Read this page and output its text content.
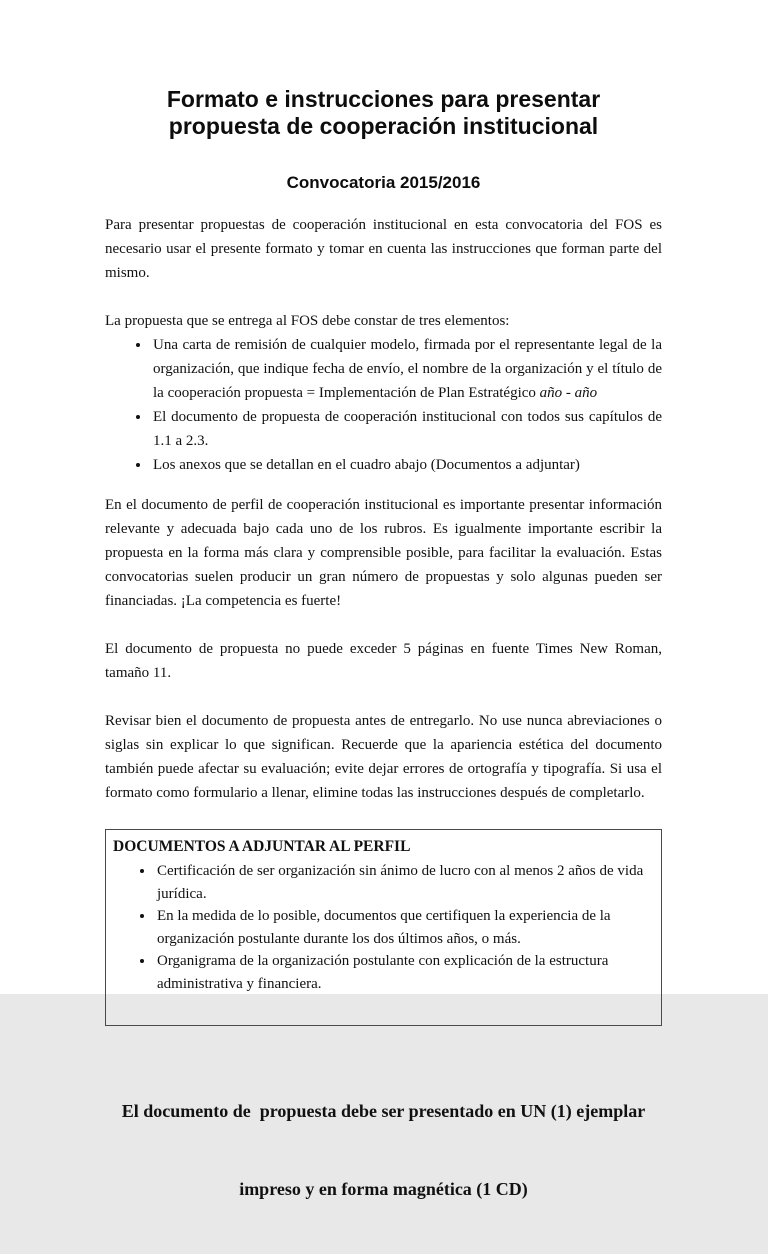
Formato e instrucciones para presentar
propuesta de cooperación institucional
Convocatoria 2015/2016

Para presentar propuestas de cooperación institucional en esta convocatoria del FOS es necesario usar el presente formato y tomar en cuenta las instrucciones que forman parte del mismo.

La propuesta que se entrega al FOS debe constar de tres elementos:

• Una carta de remisión de cualquier modelo, firmada por el representante legal de la organización, que indique fecha de envío, el nombre de la organización y el título de la cooperación propuesta = Implementación de Plan Estratégico año - año
• El documento de propuesta de cooperación institucional con todos sus capítulos de 1.1 a 2.3.
• Los anexos que se detallan en el cuadro abajo (Documentos a adjuntar)

En el documento de perfil de cooperación institucional es importante presentar información relevante y adecuada bajo cada uno de los rubros. Es igualmente importante escribir la propuesta en la forma más clara y comprensible posible, para facilitar la evaluación. Estas convocatorias suelen producir un gran número de propuestas y solo algunas pueden ser financiadas. ¡La competencia es fuerte!

El documento de propuesta no puede exceder 5 páginas en fuente Times New Roman, tamaño 11.

Revisar bien el documento de propuesta antes de entregarlo. No use nunca abreviaciones o siglas sin explicar lo que significan. Recuerde que la apariencia estética del documento también puede afectar su evaluación; evite dejar errores de ortografía y tipografía. Si usa el formato como formulario a llenar, elimine todas las instrucciones después de completarlo.

DOCUMENTOS A ADJUNTAR AL PERFIL

• Certificación de ser organización sin ánimo de lucro con al menos 2 años de vida jurídica.
• En la medida de lo posible, documentos que certifiquen la experiencia de la organización postulante durante los dos últimos años, o más.
• Organigrama de la organización postulante con explicación de la estructura administrativa y financiera.

El documento de  propuesta debe ser presentado en UN (1) ejemplar

impreso y en forma magnética (1 CD)
